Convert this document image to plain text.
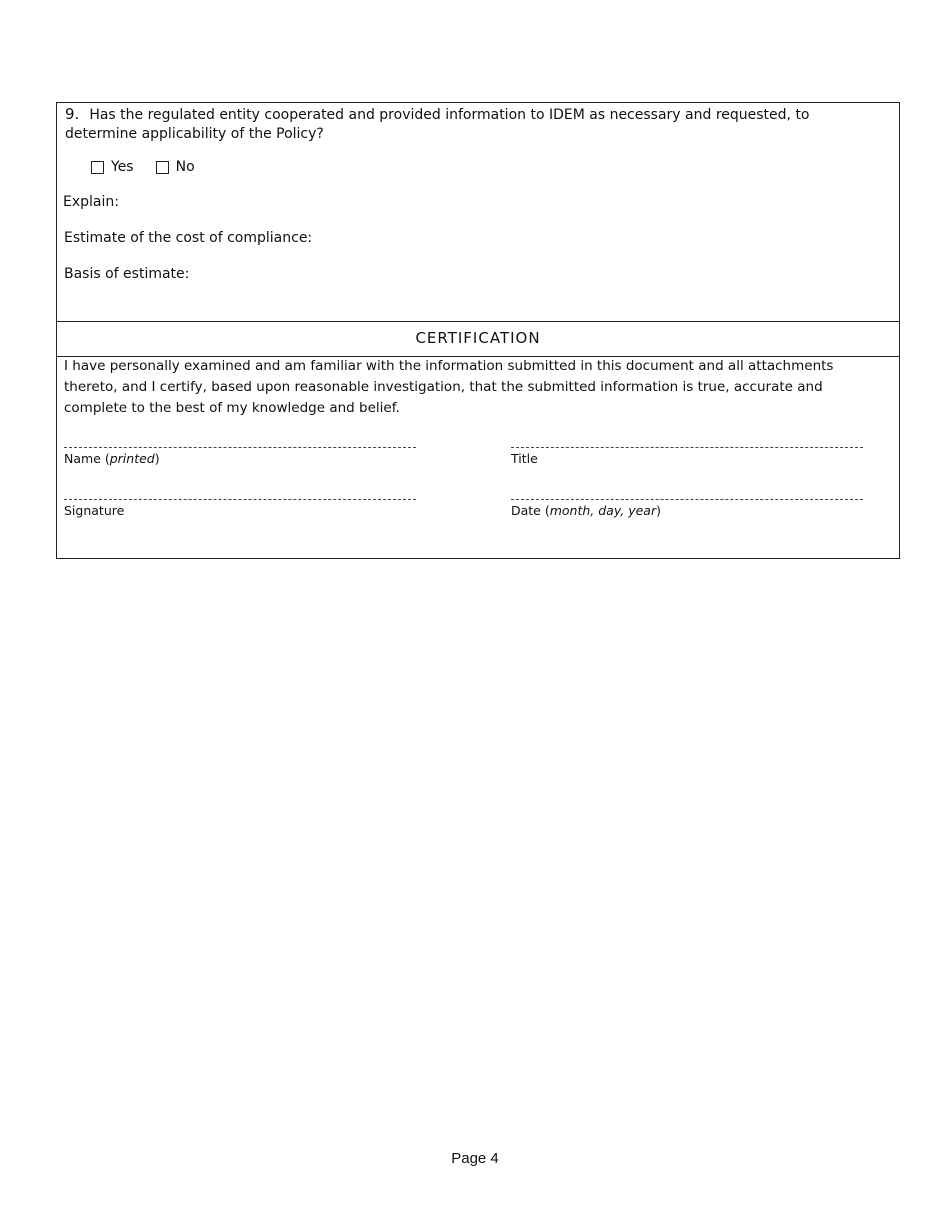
9. Has the regulated entity cooperated and provided information to IDEM as necessary and requested, to determine applicability of the Policy?
Yes	No
Explain:
Estimate of the cost of compliance:
Basis of estimate:
CERTIFICATION
I have personally examined and am familiar with the information submitted in this document and all attachments thereto, and I certify, based upon reasonable investigation, that the submitted information is true, accurate and complete to the best of my knowledge and belief.
Name (printed)	Title
Signature	Date (month, day, year)
Page 4
